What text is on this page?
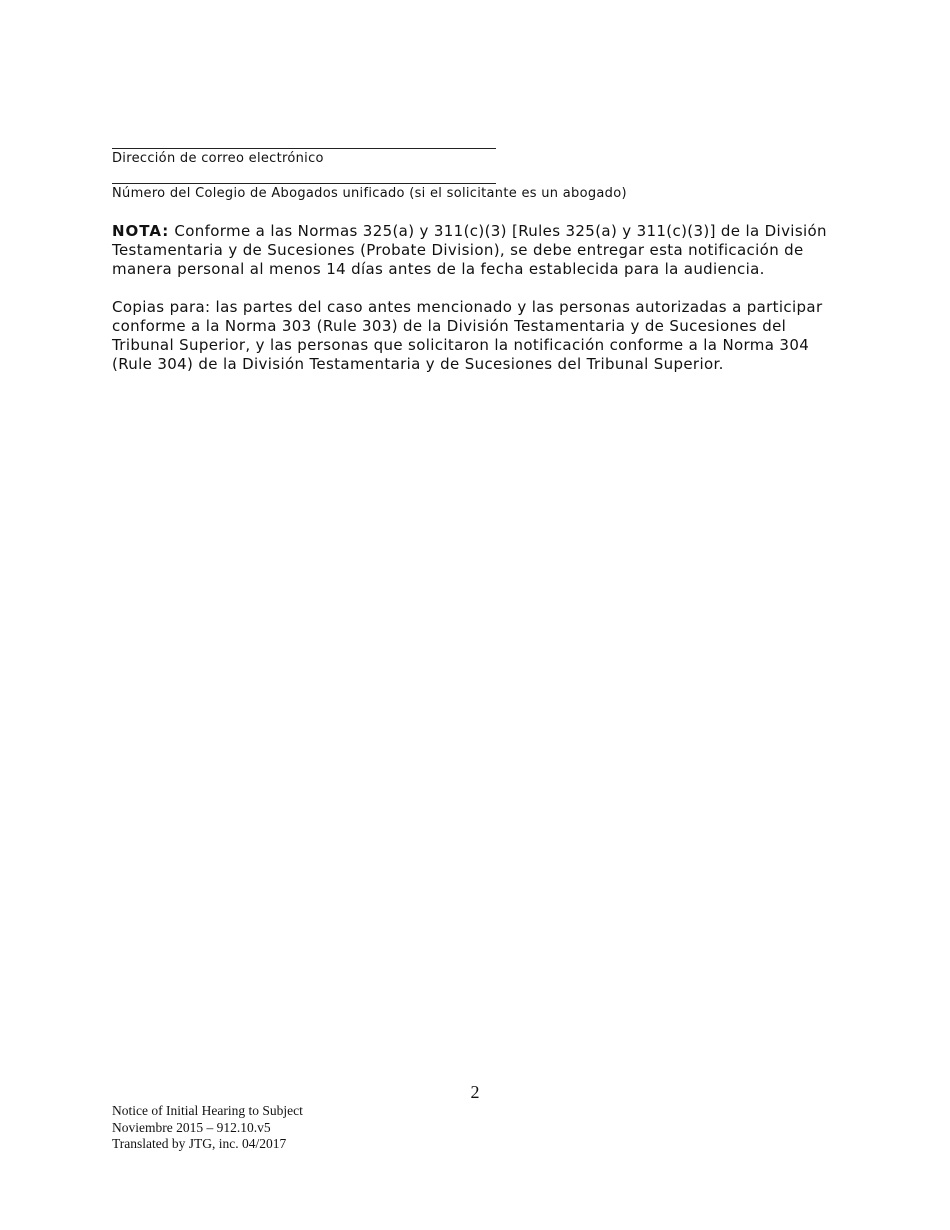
Dirección de correo electrónico
Número del Colegio de Abogados unificado (si el solicitante es un abogado)
NOTA: Conforme a las Normas 325(a) y 311(c)(3) [Rules 325(a) y 311(c)(3)] de la División Testamentaria y de Sucesiones (Probate Division), se debe entregar esta notificación de manera personal al menos 14 días antes de la fecha establecida para la audiencia.
Copias para: las partes del caso antes mencionado y las personas autorizadas a participar conforme a la Norma 303 (Rule 303) de la División Testamentaria y de Sucesiones del Tribunal Superior, y las personas que solicitaron la notificación conforme a la Norma 304 (Rule 304) de la División Testamentaria y de Sucesiones del Tribunal Superior.
2
Notice of Initial Hearing to Subject
Noviembre 2015 – 912.10.v5
Translated by JTG, inc. 04/2017
